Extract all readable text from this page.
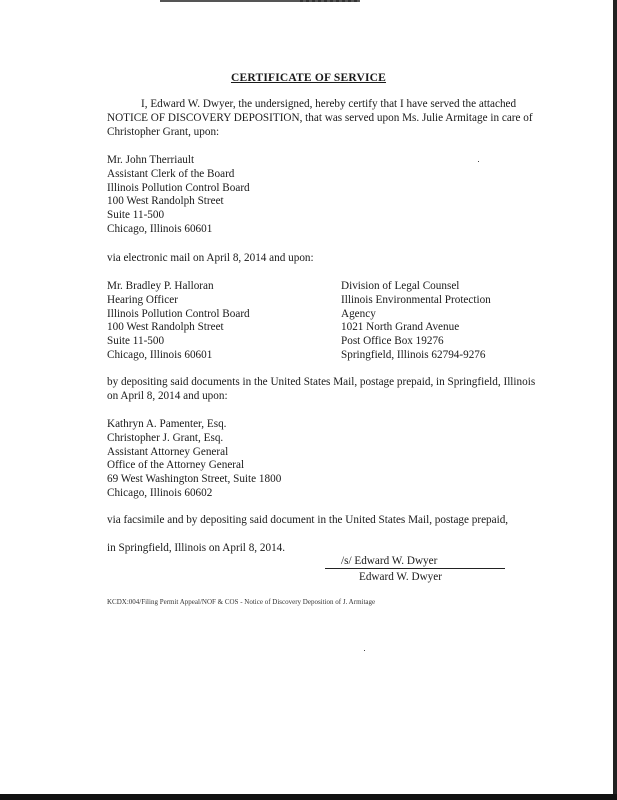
CERTIFICATE OF SERVICE
I, Edward W. Dwyer, the undersigned, hereby certify that I have served the attached NOTICE OF DISCOVERY DEPOSITION, that was served upon Ms. Julie Armitage in care of Christopher Grant, upon:
Mr. John Therriault
Assistant Clerk of the Board
Illinois Pollution Control Board
100 West Randolph Street
Suite 11-500
Chicago, Illinois 60601
via electronic mail on April 8, 2014 and upon:
Mr. Bradley P. Halloran
Hearing Officer
Illinois Pollution Control Board
100 West Randolph Street
Suite 11-500
Chicago, Illinois 60601
Division of Legal Counsel
Illinois Environmental Protection
Agency
1021 North Grand Avenue
Post Office Box 19276
Springfield, Illinois 62794-9276
by depositing said documents in the United States Mail, postage prepaid, in Springfield, Illinois on April 8, 2014 and upon:
Kathryn A. Pamenter, Esq.
Christopher J. Grant, Esq.
Assistant Attorney General
Office of the Attorney General
69 West Washington Street, Suite 1800
Chicago, Illinois 60602
via facsimile and by depositing said document in the United States Mail, postage prepaid,
in Springfield, Illinois on April 8, 2014.
/s/ Edward W. Dwyer
Edward W. Dwyer
KCDX:004/Filing Permit Appeal/NOF & COS - Notice of Discovery Deposition of J. Armitage
